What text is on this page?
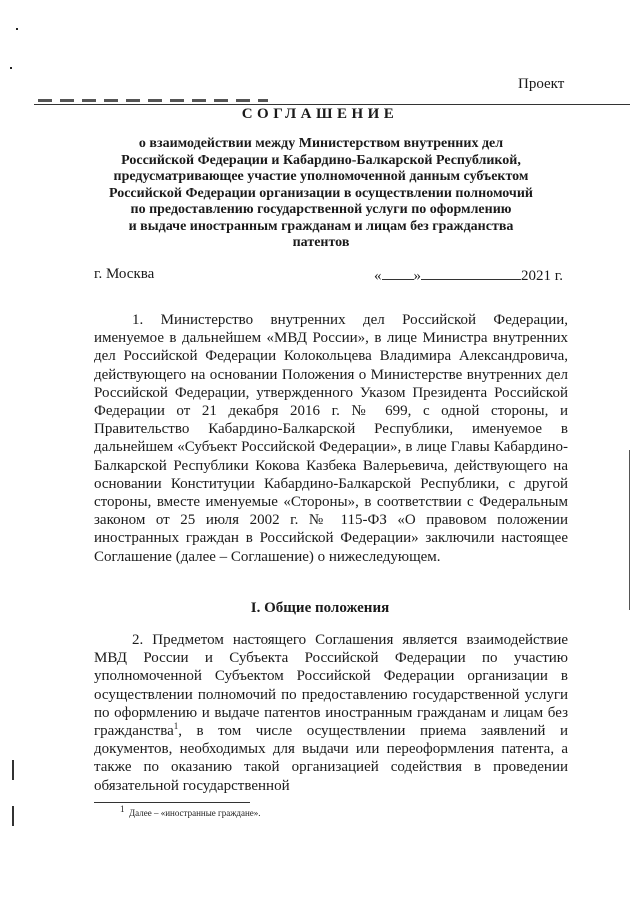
Проект
СОГЛАШЕНИЕ
о взаимодействии между Министерством внутренних дел
Российской Федерации и Кабардино-Балкарской Республикой,
предусматривающее участие уполномоченной данным субъектом
Российской Федерации организации в осуществлении полномочий
по предоставлению государственной услуги по оформлению
и выдаче иностранным гражданам и лицам без гражданства
патентов
г. Москва	« »	2021 г.
1. Министерство внутренних дел Российской Федерации, именуемое в дальнейшем «МВД России», в лице Министра внутренних дел Российской Федерации Колокольцева Владимира Александровича, действующего на основании Положения о Министерстве внутренних дел Российской Федерации, утвержденного Указом Президента Российской Федерации от 21 декабря 2016 г. № 699, с одной стороны, и Правительство Кабардино-Балкарской Республики, именуемое в дальнейшем «Субъект Российской Федерации», в лице Главы Кабардино-Балкарской Республики Кокова Казбека Валерьевича, действующего на основании Конституции Кабардино-Балкарской Республики, с другой стороны, вместе именуемые «Стороны», в соответствии с Федеральным законом от 25 июля 2002 г. № 115-ФЗ «О правовом положении иностранных граждан в Российской Федерации» заключили настоящее Соглашение (далее – Соглашение) о нижеследующем.
I. Общие положения
2. Предметом настоящего Соглашения является взаимодействие МВД России и Субъекта Российской Федерации по участию уполномоченной Субъектом Российской Федерации организации в осуществлении полномочий по предоставлению государственной услуги по оформлению и выдаче патентов иностранным гражданам и лицам без гражданства$^1$, в том числе осуществлении приема заявлений и документов, необходимых для выдачи или переоформления патента, а также по оказанию такой организацией содействия в проведении обязательной государственной
$^1$ Далее – «иностранные граждане».
